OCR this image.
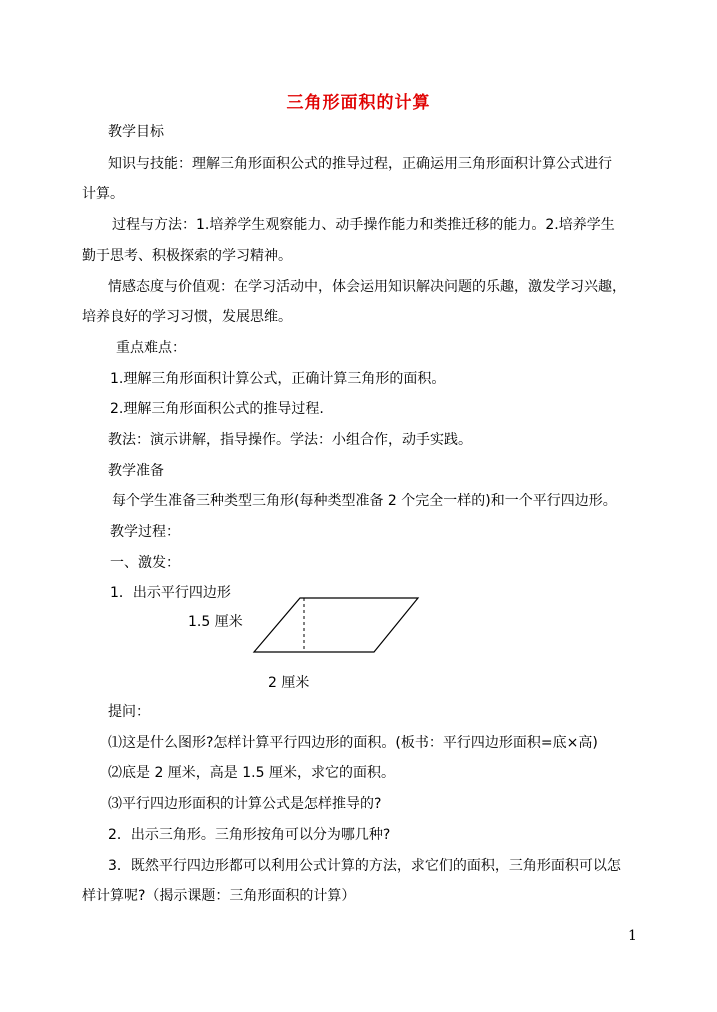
三角形面积的计算
教学目标
知识与技能：理解三角形面积公式的推导过程，正确运用三角形面积计算公式进行
计算。
过程与方法：1.培养学生观察能力、动手操作能力和类推迁移的能力。2.培养学生
勤于思考、积极探索的学习精神。
情感态度与价值观：在学习活动中，体会运用知识解决问题的乐趣，激发学习兴趣，
培养良好的学习习惯，发展思维。
重点难点：
1.理解三角形面积计算公式，正确计算三角形的面积。
2.理解三角形面积公式的推导过程.
教法：演示讲解，指导操作。学法：小组合作，动手实践。
教学准备
每个学生准备三种类型三角形(每种类型准备 2 个完全一样的)和一个平行四边形。
教学过程：
一、激发：
1．出示平行四边形
1.5 厘米
2 厘米
提问：
⑴这是什么图形?怎样计算平行四边形的面积。(板书：平行四边形面积=底×高)
⑵底是 2 厘米，高是 1.5 厘米，求它的面积。
⑶平行四边形面积的计算公式是怎样推导的?
2．出示三角形。三角形按角可以分为哪几种?
3．既然平行四边形都可以利用公式计算的方法，求它们的面积，三角形面积可以怎
样计算呢?（揭示课题：三角形面积的计算）
1
